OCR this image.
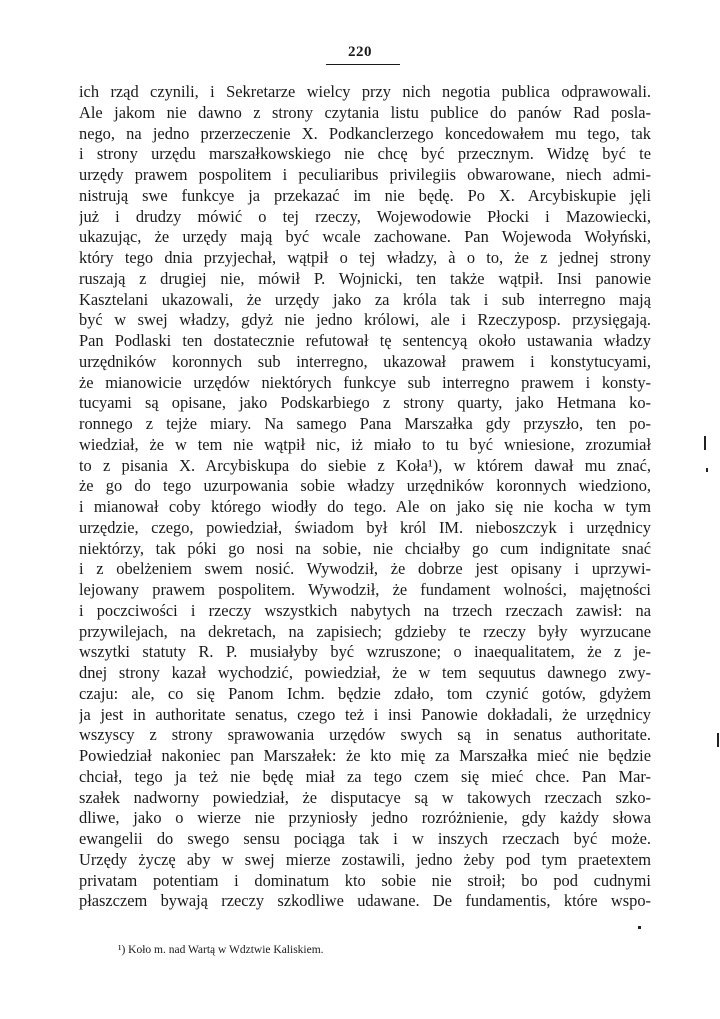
220
ich rząd czynili, i Sekretarze wielcy przy nich negotia publica odprawowali.
Ale jakom nie dawno z strony czytania listu publice do panów Rad posla-
nego, na jedno przerzeczenie X. Podkanclerzego koncedowałem mu tego, tak
i strony urzędu marszałkowskiego nie chcę być przecznym. Widzę być te
urzędy prawem pospolitem i peculiaribus privilegiis obwarowane, niech admi-
nistrują swe funkcye ja przekazać im nie będę. Po X. Arcybiskupie jęli
już i drudzy mówić o tej rzeczy, Wojewodowie Płocki i Mazowiecki,
ukazując, że urzędy mają być wcale zachowane. Pan Wojewoda Wołyński,
który tego dnia przyjechał, wątpił o tej władzy, à o to, że z jednej strony
ruszają z drugiej nie, mówił P. Wojnicki, ten także wątpił. Insi panowie
Kasztelani ukazowali, że urzędy jako za króla tak i sub interregno mają
być w swej władzy, gdyż nie jedno królowi, ale i Rzeczyposp. przysięgają.
Pan Podlaski ten dostatecznie refutował tę sentencyą około ustawania władzy
urzędników koronnych sub interregno, ukazował prawem i konstytucyami,
że mianowicie urzędów niektórych funkcye sub interregno prawem i konsty-
tucyami są opisane, jako Podskarbiego z strony quarty, jako Hetmana ko-
ronnego z tejże miary. Na samego Pana Marszałka gdy przyszło, ten po-
wiedział, że w tem nie wątpił nic, iż miało to tu być wniesione, zrozumiał
to z pisania X. Arcybiskupa do siebie z Koła¹), w którem dawał mu znać,
że go do tego uzurpowania sobie władzy urzędników koronnych wiedziono,
i mianował coby którego wiodły do tego. Ale on jako się nie kocha w tym
urzędzie, czego, powiedział, świadom był król IM. nieboszczyk i urzędnicy
niektórzy, tak póki go nosi na sobie, nie chciałby go cum indignitate snać
i z obelżeniem swem nosić. Wywodził, że dobrze jest opisany i uprzywi-
lejowany prawem pospolitem. Wywodził, że fundament wolności, majętności
i poczciwości i rzeczy wszystkich nabytych na trzech rzeczach zawisł: na
przywilejach, na dekretach, na zapisiech; gdzieby te rzeczy były wyrzucane
wszytki statuty R. P. musiałyby być wzruszone; o inaequalitatem, że z je-
dnej strony kazał wychodzić, powiedział, że w tem sequutus dawnego zwy-
czaju: ale, co się Panom Ichm. będzie zdało, tom czynić gotów, gdyżem
ja jest in authoritate senatus, czego też i insi Panowie dokładali, że urzędnicy
wszyscy z strony sprawowania urzędów swych są in senatus authoritate.
Powiedział nakoniec pan Marszałek: że kto mię za Marszałka mieć nie będzie
chciał, tego ja też nie będę miał za tego czem się mieć chce. Pan Mar-
szałek nadworny powiedział, że disputacye są w takowych rzeczach szko-
dliwe, jako o wierze nie przyniosły jedno rozróżnienie, gdy każdy słowa
ewangelii do swego sensu pociąga tak i w inszych rzeczach być może.
Urzędy życzę aby w swej mierze zostawili, jedno żeby pod tym praetextem
privatam potentiam i dominatum kto sobie nie stroił; bo pod cudnymi
płaszczem bywają rzeczy szkodliwe udawane. De fundamentis, które wspo-
¹) Koło m. nad Wartą w Wdztwie Kaliskiem.
